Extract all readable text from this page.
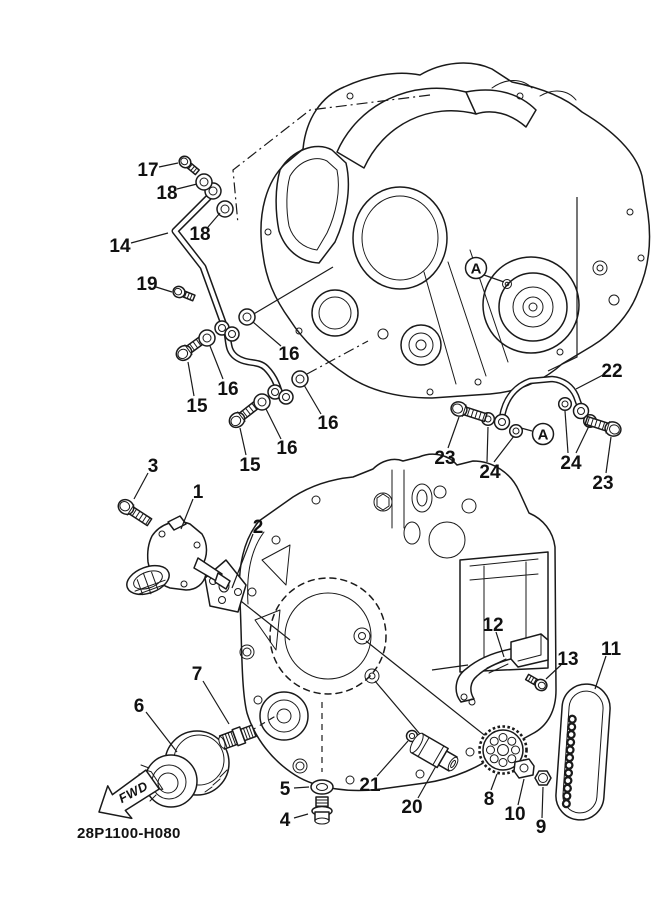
FWD
28P1100-H080
1
2
3
4
5
6
7
8
9
10
11
12
13
14
15
15
16
16
16
16
17
18
18
19
20
21
22
23
23
24	24
A
A
